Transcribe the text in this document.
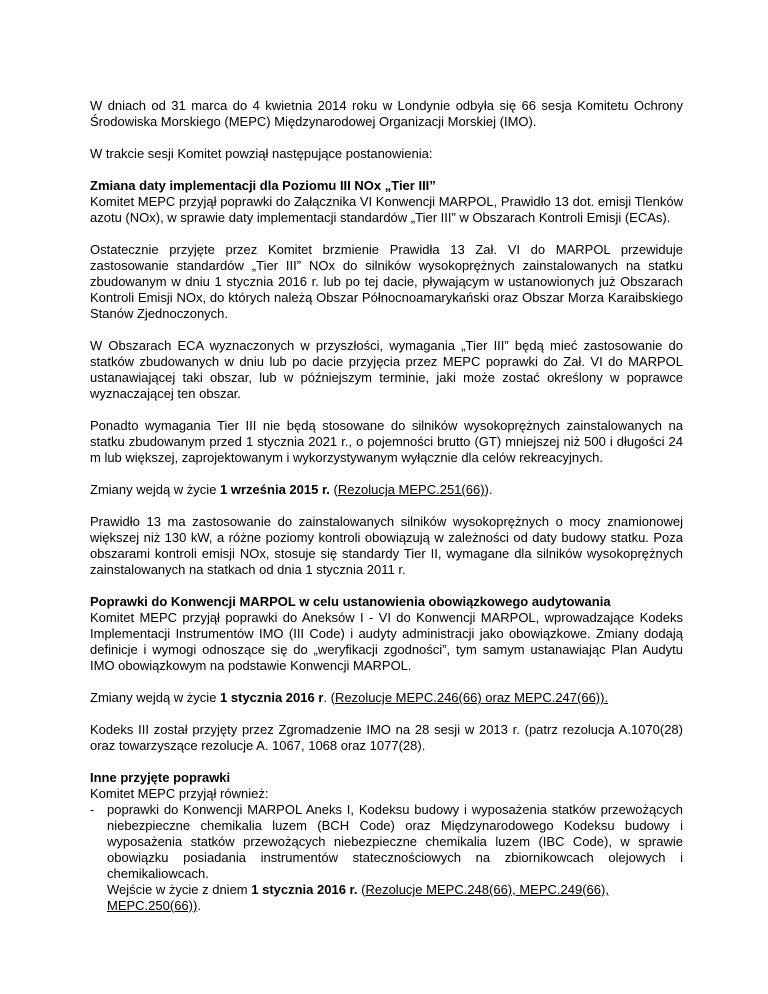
W dniach od 31 marca do 4 kwietnia 2014 roku w Londynie odbyła się 66 sesja Komitetu Ochrony Środowiska Morskiego (MEPC) Międzynarodowej Organizacji Morskiej (IMO).

W trakcie sesji Komitet powziął następujące postanowienia:

Zmiana daty implementacji dla Poziomu III NOx „Tier III”
Komitet MEPC przyjął poprawki do Załącznika VI Konwencji MARPOL, Prawidło 13 dot. emisji Tlenków azotu (NOx), w sprawie daty implementacji standardów „Tier III” w Obszarach Kontroli Emisji (ECAs).

Ostatecznie przyjęte przez Komitet brzmienie Prawidła 13 Zał. VI do MARPOL przewiduje zastosowanie standardów „Tier III” NOx do silników wysokoprężnych zainstalowanych na statku zbudowanym w dniu 1 stycznia 2016 r. lub po tej dacie, pływającym w ustanowionych już Obszarach Kontroli Emisji NOx, do których należą Obszar Północnoamarykański oraz Obszar Morza Karaibskiego Stanów Zjednoczonych.

W Obszarach ECA wyznaczonych w przyszłości, wymagania „Tier III” będą mieć zastosowanie do statków zbudowanych w dniu lub po dacie przyjęcia przez MEPC poprawki do Zał. VI do MARPOL ustanawiającej taki obszar, lub w późniejszym terminie, jaki może zostać określony w poprawce wyznaczającej ten obszar.

Ponadto wymagania Tier III nie będą stosowane do silników wysokoprężnych zainstalowanych na statku zbudowanym przed 1 stycznia 2021 r., o pojemności brutto (GT) mniejszej niż 500 i długości 24 m lub większej, zaprojektowanym i wykorzystywanym wyłącznie dla celów rekreacyjnych.

Zmiany wejdą w życie 1 września 2015 r. (Rezolucja MEPC.251(66)).

Prawidło 13 ma zastosowanie do zainstalowanych silników wysokoprężnych o mocy znamionowej większej niż 130 kW, a różne poziomy kontroli obowiązują w zależności od daty budowy statku. Poza obszarami kontroli emisji NOx, stosuje się standardy Tier II, wymagane dla silników wysokoprężnych zainstalowanych na statkach od dnia 1 stycznia 2011 r.

Poprawki do Konwencji MARPOL w celu ustanowienia obowiązkowego audytowania
Komitet MEPC przyjął poprawki do Aneksów I - VI do Konwencji MARPOL, wprowadzające Kodeks Implementacji Instrumentów IMO (III Code) i audyty administracji jako obowiązkowe. Zmiany dodają definicje i wymogi odnoszące się do „weryfikacji zgodności”, tym samym ustanawiając Plan Audytu IMO obowiązkowym na podstawie Konwencji MARPOL.

Zmiany wejdą w życie 1 stycznia 2016 r. (Rezolucje MEPC.246(66) oraz MEPC.247(66)).

Kodeks III został przyjęty przez Zgromadzenie IMO na 28 sesji w 2013 r. (patrz rezolucja A.1070(28) oraz towarzyszące rezolucje A. 1067, 1068 oraz 1077(28).

Inne przyjęte poprawki
Komitet MEPC przyjął również:
- poprawki do Konwencji MARPOL Aneks I, Kodeksu budowy i wyposażenia statków przewożących niebezpieczne chemikalia luzem (BCH Code) oraz Międzynarodowego Kodeksu budowy i wyposażenia statków przewożących niebezpieczne chemikalia luzem (IBC Code), w sprawie obowiązku posiadania instrumentów statecznościowych na zbiornikowcach olejowych i chemikaliowcach.
Wejście w życie z dniem 1 stycznia 2016 r. (Rezolucje MEPC.248(66), MEPC.249(66),
MEPC.250(66)).
